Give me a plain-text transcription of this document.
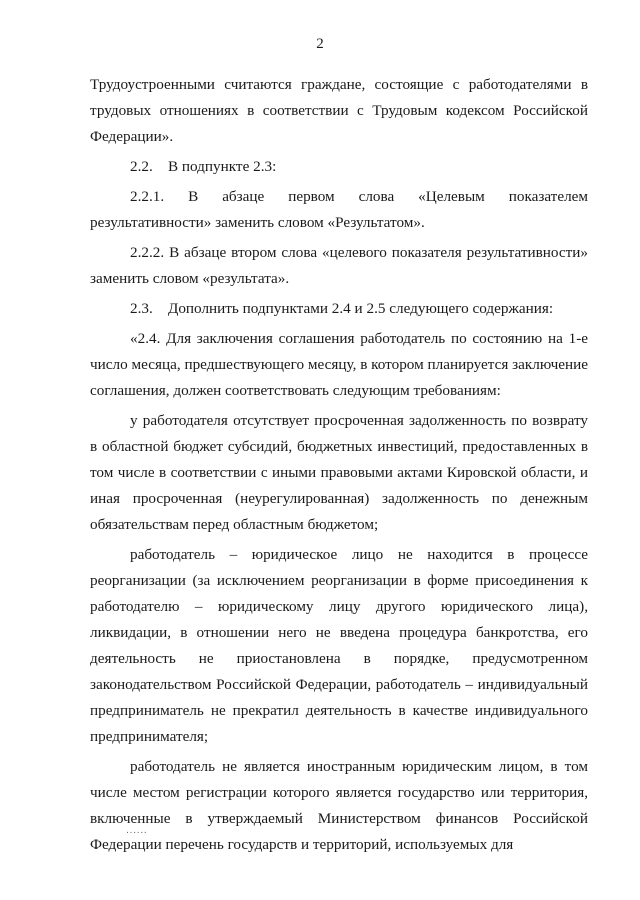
2

Трудоустроенными считаются граждане, состоящие с работодателями в трудовых отношениях в соответствии с Трудовым кодексом Российской Федерации».

2.2. В подпункте 2.3:

2.2.1. В абзаце первом слова «Целевым показателем результативности» заменить словом «Результатом».

2.2.2. В абзаце втором слова «целевого показателя результативности» заменить словом «результата».

2.3. Дополнить подпунктами 2.4 и 2.5 следующего содержания:

«2.4. Для заключения соглашения работодатель по состоянию на 1-е число месяца, предшествующего месяцу, в котором планируется заключение соглашения, должен соответствовать следующим требованиям:

у работодателя отсутствует просроченная задолженность по возврату в областной бюджет субсидий, бюджетных инвестиций, предоставленных в том числе в соответствии с иными правовыми актами Кировской области, и иная просроченная (неурегулированная) задолженность по денежным обязательствам перед областным бюджетом;

работодатель – юридическое лицо не находится в процессе реорганизации (за исключением реорганизации в форме присоединения к работодателю – юридическому лицу другого юридического лица), ликвидации, в отношении него не введена процедура банкротства, его деятельность не приостановлена в порядке, предусмотренном законодательством Российской Федерации, работодатель – индивидуальный предприниматель не прекратил деятельность в качестве индивидуального предпринимателя;

работодатель не является иностранным юридическим лицом, в том числе местом регистрации которого является государство или территория, включенные в утверждаемый Министерством финансов Российской Федерации перечень государств и территорий, используемых для

ᐧᐧᐧᐧᐧᐧ
